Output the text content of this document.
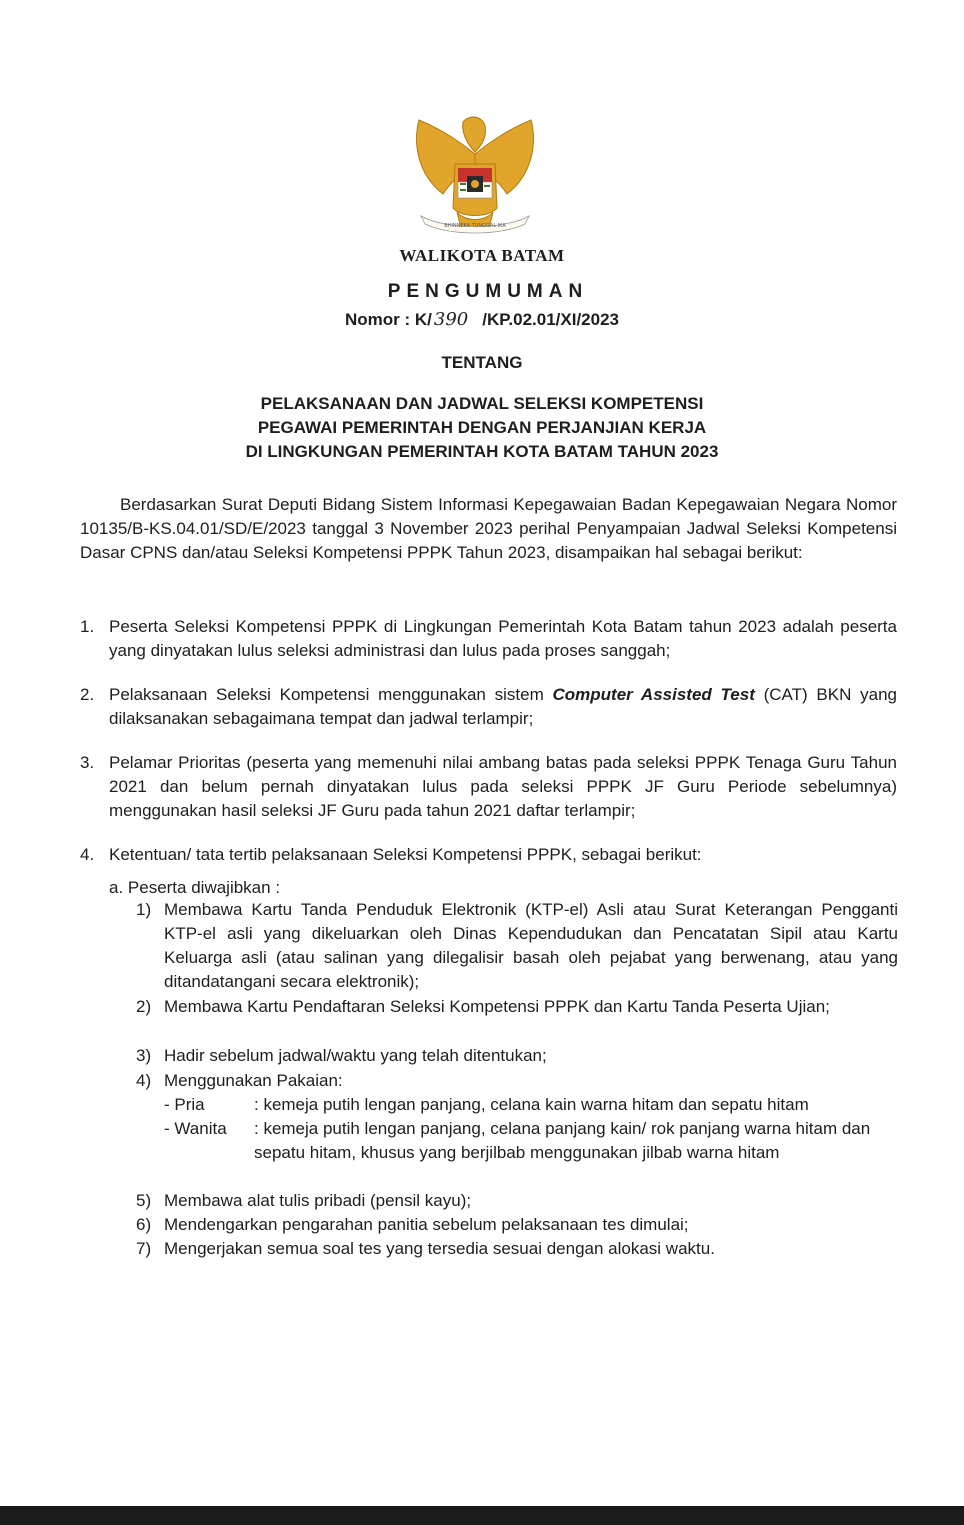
BHINNEKA TUNGGAL IKA
WALIKOTA BATAM
PENGUMUMAN
Nomor : K/ 390 /KP.02.01/XI/2023
TENTANG
PELAKSANAAN DAN JADWAL SELEKSI KOMPETENSI
PEGAWAI PEMERINTAH DENGAN PERJANJIAN KERJA
DI LINGKUNGAN PEMERINTAH KOTA BATAM TAHUN 2023
Berdasarkan Surat Deputi Bidang Sistem Informasi Kepegawaian Badan Kepegawaian Negara Nomor 10135/B-KS.04.01/SD/E/2023 tanggal 3 November 2023 perihal Penyampaian Jadwal Seleksi Kompetensi Dasar CPNS dan/atau Seleksi Kompetensi PPPK Tahun 2023, disampaikan hal sebagai berikut:
1. Peserta Seleksi Kompetensi PPPK di Lingkungan Pemerintah Kota Batam tahun 2023 adalah peserta yang dinyatakan lulus seleksi administrasi dan lulus pada proses sanggah;
2. Pelaksanaan Seleksi Kompetensi menggunakan sistem Computer Assisted Test (CAT) BKN yang dilaksanakan sebagaimana tempat dan jadwal terlampir;
3. Pelamar Prioritas (peserta yang memenuhi nilai ambang batas pada seleksi PPPK Tenaga Guru Tahun 2021 dan belum pernah dinyatakan lulus pada seleksi PPPK JF Guru Periode sebelumnya) menggunakan hasil seleksi JF Guru pada tahun 2021 daftar terlampir;
4. Ketentuan/ tata tertib pelaksanaan Seleksi Kompetensi PPPK, sebagai berikut:
a. Peserta diwajibkan :
1) Membawa Kartu Tanda Penduduk Elektronik (KTP-el) Asli atau Surat Keterangan Pengganti KTP-el asli yang dikeluarkan oleh Dinas Kependudukan dan Pencatatan Sipil atau Kartu Keluarga asli (atau salinan yang dilegalisir basah oleh pejabat yang berwenang, atau yang ditandatangani secara elektronik);
2) Membawa Kartu Pendaftaran Seleksi Kompetensi PPPK dan Kartu Tanda Peserta Ujian;
3) Hadir sebelum jadwal/waktu yang telah ditentukan;
4) Menggunakan Pakaian:
- Pria	: kemeja putih lengan panjang, celana kain warna hitam dan sepatu hitam
- Wanita : kemeja putih lengan panjang, celana panjang kain/ rok panjang warna hitam dan sepatu hitam, khusus yang berjilbab menggunakan jilbab warna hitam
5) Membawa alat tulis pribadi (pensil kayu);
6) Mendengarkan pengarahan panitia sebelum pelaksanaan tes dimulai;
7) Mengerjakan semua soal tes yang tersedia sesuai dengan alokasi waktu.
